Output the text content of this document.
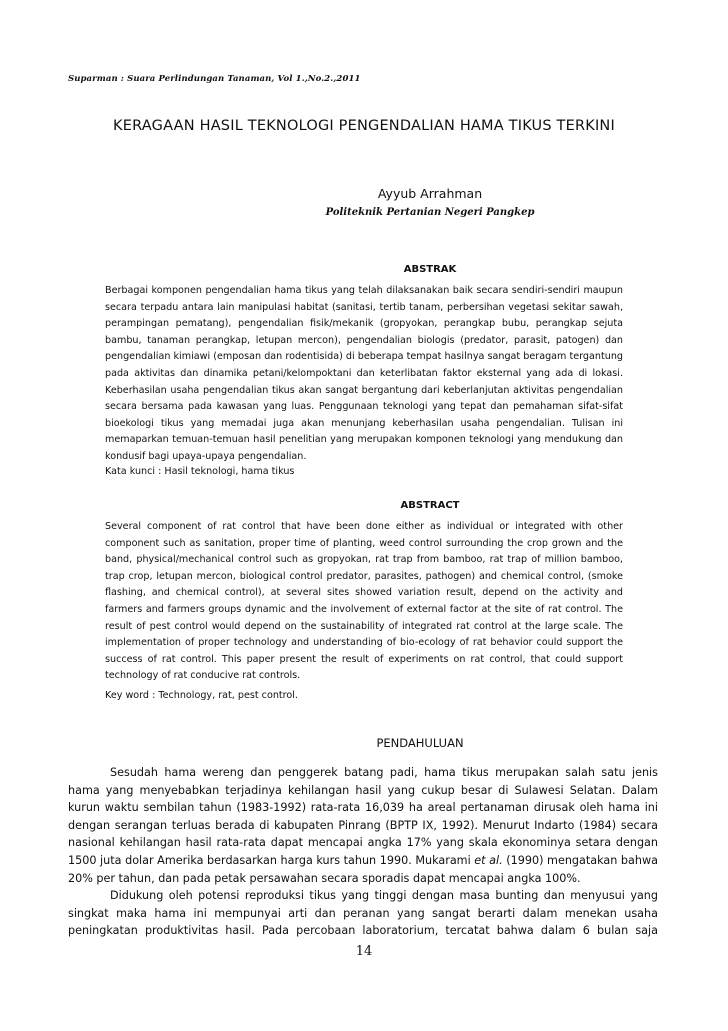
Suparman : Suara Perlindungan Tanaman, Vol 1.,No.2.,2011
KERAGAAN HASIL TEKNOLOGI PENGENDALIAN HAMA TIKUS TERKINI
Ayyub Arrahman
Politeknik Pertanian Negeri Pangkep
ABSTRAK
Berbagai komponen pengendalian hama tikus yang telah dilaksanakan baik secara sendiri-sendiri maupun secara terpadu antara lain manipulasi habitat (sanitasi, tertib tanam, perbersihan vegetasi sekitar sawah, perampingan pematang), pengendalian fisik/mekanik (gropyokan, perangkap bubu, perangkap sejuta bambu, tanaman perangkap, letupan mercon), pengendalian biologis (predator, parasit, patogen) dan pengendalian kimiawi (emposan dan rodentisida) di beberapa tempat hasilnya sangat beragam tergantung pada aktivitas dan dinamika petani/kelompoktani dan keterlibatan faktor eksternal yang ada di lokasi. Keberhasilan usaha pengendalian tikus akan sangat bergantung dari keberlanjutan aktivitas pengendalian secara bersama pada kawasan yang luas. Penggunaan teknologi yang tepat dan pemahaman sifat-sifat bioekologi tikus yang memadai juga akan menunjang keberhasilan usaha pengendalian. Tulisan ini memaparkan temuan-temuan hasil penelitian yang merupakan komponen teknologi yang mendukung dan kondusif bagi upaya-upaya pengendalian.
Kata kunci : Hasil teknologi, hama tikus
ABSTRACT
Several component of rat control that have been done either as individual or integrated with other component such as sanitation, proper time of planting, weed control surrounding the crop grown and the band, physical/mechanical control such as gropyokan, rat trap from bamboo, rat trap of million bamboo, trap crop, letupan mercon, biological control predator, parasites, pathogen) and chemical control, (smoke flashing, and chemical control), at several sites showed variation result, depend on the activity and farmers and farmers groups dynamic and the involvement of external factor at the site of rat control. The result of pest control would depend on the sustainability of integrated rat control at the large scale. The implementation of proper technology and understanding of bio-ecology of rat behavior could support the success of rat control. This paper present the result of experiments on rat control, that could support technology of rat conducive rat controls.
Key word : Technology, rat, pest control.
PENDAHULUAN

Sesudah hama wereng dan penggerek batang padi, hama tikus merupakan salah satu jenis hama yang menyebabkan terjadinya kehilangan hasil yang cukup besar di Sulawesi Selatan. Dalam kurun waktu sembilan tahun (1983-1992) rata-rata 16,039 ha areal pertanaman dirusak oleh hama ini dengan serangan terluas berada di kabupaten Pinrang (BPTP IX, 1992). Menurut Indarto (1984) secara nasional kehilangan hasil rata-rata dapat mencapai angka 17% yang skala ekonominya setara dengan 1500 juta dolar Amerika berdasarkan harga kurs tahun 1990. Mukarami et al. (1990) mengatakan bahwa 20% per tahun, dan pada petak persawahan secara sporadis dapat mencapai angka 100%.

Didukung oleh potensi reproduksi tikus yang tinggi dengan masa bunting dan menyusui yang singkat maka hama ini mempunyai arti dan peranan yang sangat berarti dalam menekan usaha peningkatan produktivitas hasil. Pada percobaan laboratorium, tercatat bahwa dalam 6 bulan saja

14
